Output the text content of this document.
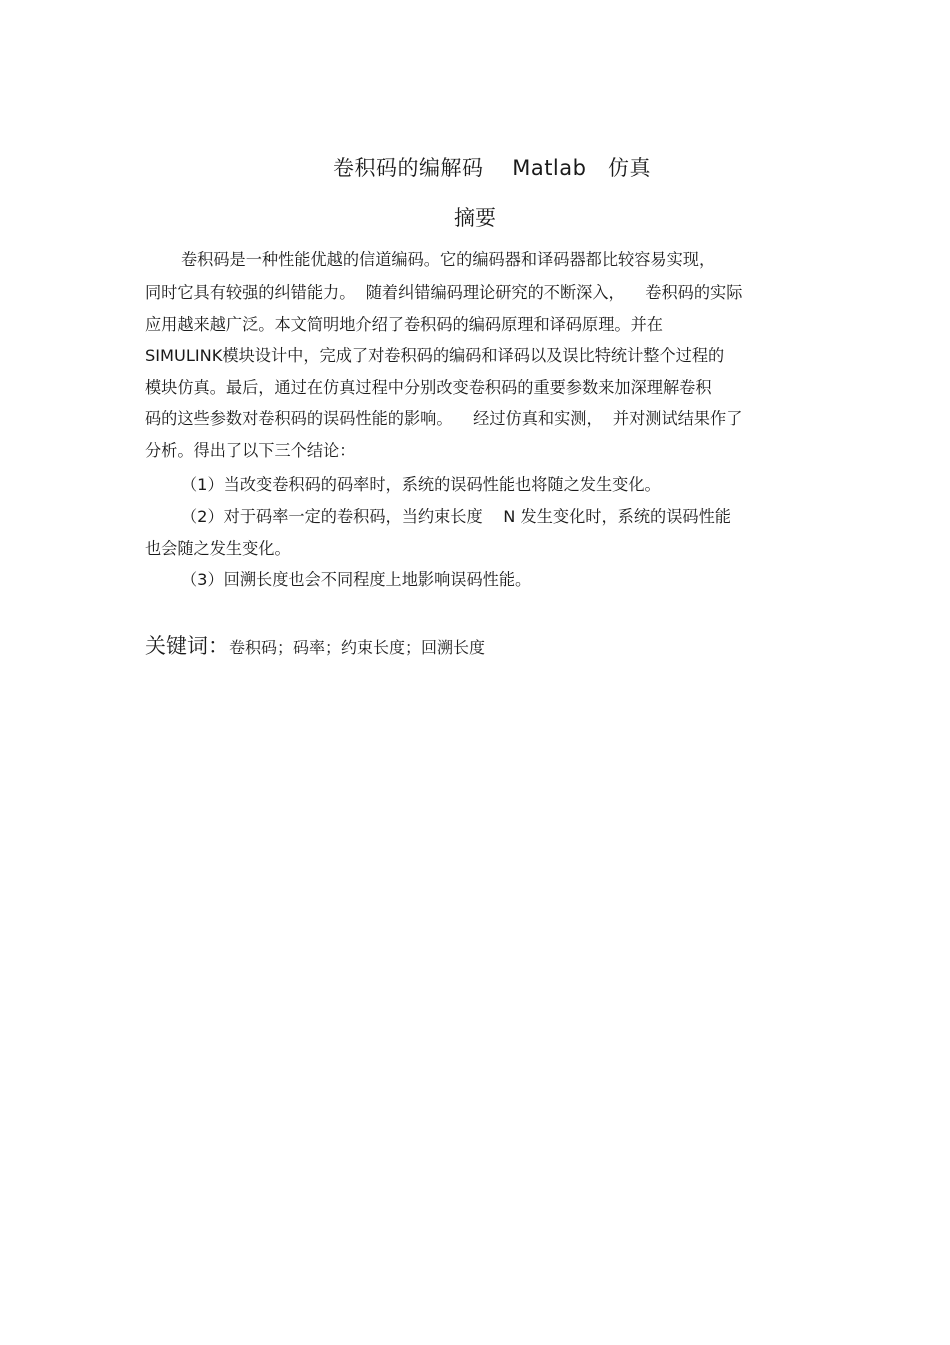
卷积码的编解码    Matlab   仿真
摘要
卷积码是一种性能优越的信道编码。它的编码器和译码器都比较容易实现，
同时它具有较强的纠错能力。  随着纠错编码理论研究的不断深入，    卷积码的实际
应用越来越广泛。本文简明地介绍了卷积码的编码原理和译码原理。并在
SIMULINK模块设计中，完成了对卷积码的编码和译码以及误比特统计整个过程的
模块仿真。最后，通过在仿真过程中分别改变卷积码的重要参数来加深理解卷积
码的这些参数对卷积码的误码性能的影响。    经过仿真和实测，  并对测试结果作了
分析。得出了以下三个结论：
（1）当改变卷积码的码率时，系统的误码性能也将随之发生变化。
（2）对于码率一定的卷积码，当约束长度    N 发生变化时，系统的误码性能
也会随之发生变化。
（3）回溯长度也会不同程度上地影响误码性能。
关键词：卷积码；码率；约束长度；回溯长度
